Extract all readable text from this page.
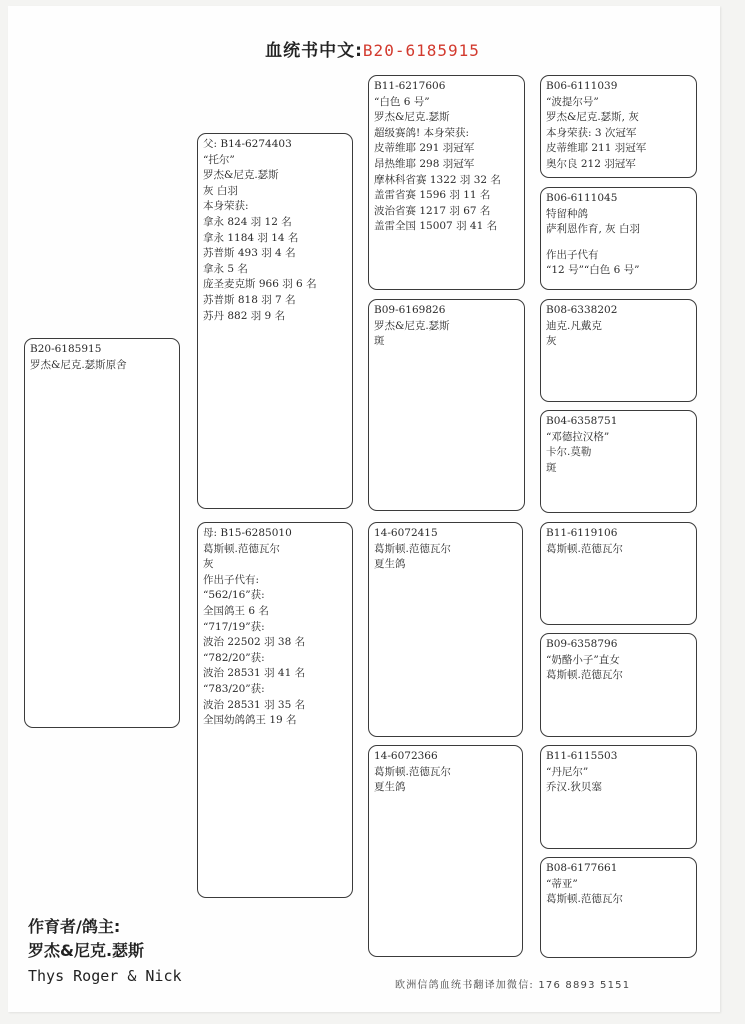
血统书中文:B20-6185915
B20-6185915
罗杰&尼克.瑟斯原舍
父: B14-6274403
“托尔”
罗杰&尼克.瑟斯
灰 白羽
本身荣获:
拿永 824 羽 12 名
拿永 1184 羽 14 名
苏普斯 493 羽 4 名
拿永 5 名
庞圣麦克斯 966 羽 6 名
苏普斯 818 羽 7 名
苏丹 882 羽 9 名
母: B15-6285010
葛斯顿.范德瓦尔
灰
作出子代有:
“562/16”获:
全国鸽王 6 名
“717/19”获:
波治 22502 羽 38 名
“782/20”获:
波治 28531 羽 41 名
“783/20”获:
波治 28531 羽 35 名
全国幼鸽鸽王 19 名
B11-6217606
“白色 6 号”
罗杰&尼克.瑟斯
超级赛鸽! 本身荣获:
皮蒂维耶 291 羽冠军
昂热维耶 298 羽冠军
摩林科省赛 1322 羽 32 名
盖雷省赛 1596 羽 11 名
波治省赛 1217 羽 67 名
盖雷全国 15007 羽 41 名
B09-6169826
罗杰&尼克.瑟斯
斑
14-6072415
葛斯顿.范德瓦尔
夏生鸽
14-6072366
葛斯顿.范德瓦尔
夏生鸽
B06-6111039
“波提尔号”
罗杰&尼克.瑟斯, 灰
本身荣获: 3 次冠军
皮蒂维耶 211 羽冠军
奥尔良 212 羽冠军
B06-6111045
特留种鸽
萨利恩作育, 灰 白羽
作出子代有
“12 号”“白色 6 号”
B08-6338202
迪克.凡戴克
灰
B04-6358751
“邓德拉汉格”
卡尔.莫勒
斑
B11-6119106
葛斯顿.范德瓦尔
B09-6358796
“奶酪小子”直女
葛斯顿.范德瓦尔
B11-6115503
“丹尼尔”
乔汉.狄贝塞
B08-6177661
“蒂亚”
葛斯顿.范德瓦尔
作育者/鸽主:
罗杰&尼克.瑟斯
Thys Roger & Nick
欧洲信鸽血统书翻译加微信: 176 8893 5151
